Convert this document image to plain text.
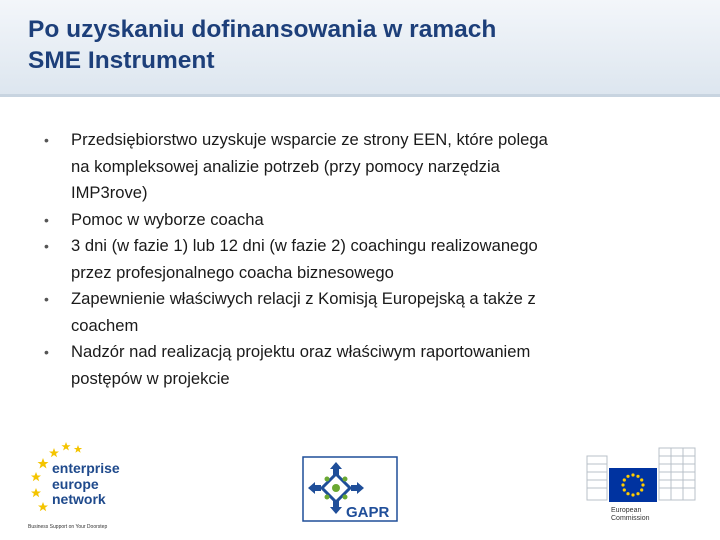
Po uzyskaniu dofinansowania w ramach
SME Instrument
• Przedsiębiorstwo uzyskuje wsparcie ze strony EEN, które polega
na kompleksowej analizie potrzeb (przy pomocy narzędzia
IMP3rove)
• Pomoc w wyborze coacha
• 3 dni (w fazie 1) lub 12 dni (w fazie 2) coachingu realizowanego
przez profesjonalnego coacha biznesowego
• Zapewnienie właściwych relacji z Komisją Europejską a także z
coachem
• Nadzór nad realizacją projektu oraz właściwym raportowaniem
postępów w projekcie
enterprise
europe
network
Business Support on Your Doorstep
GAPR	European
Commission
